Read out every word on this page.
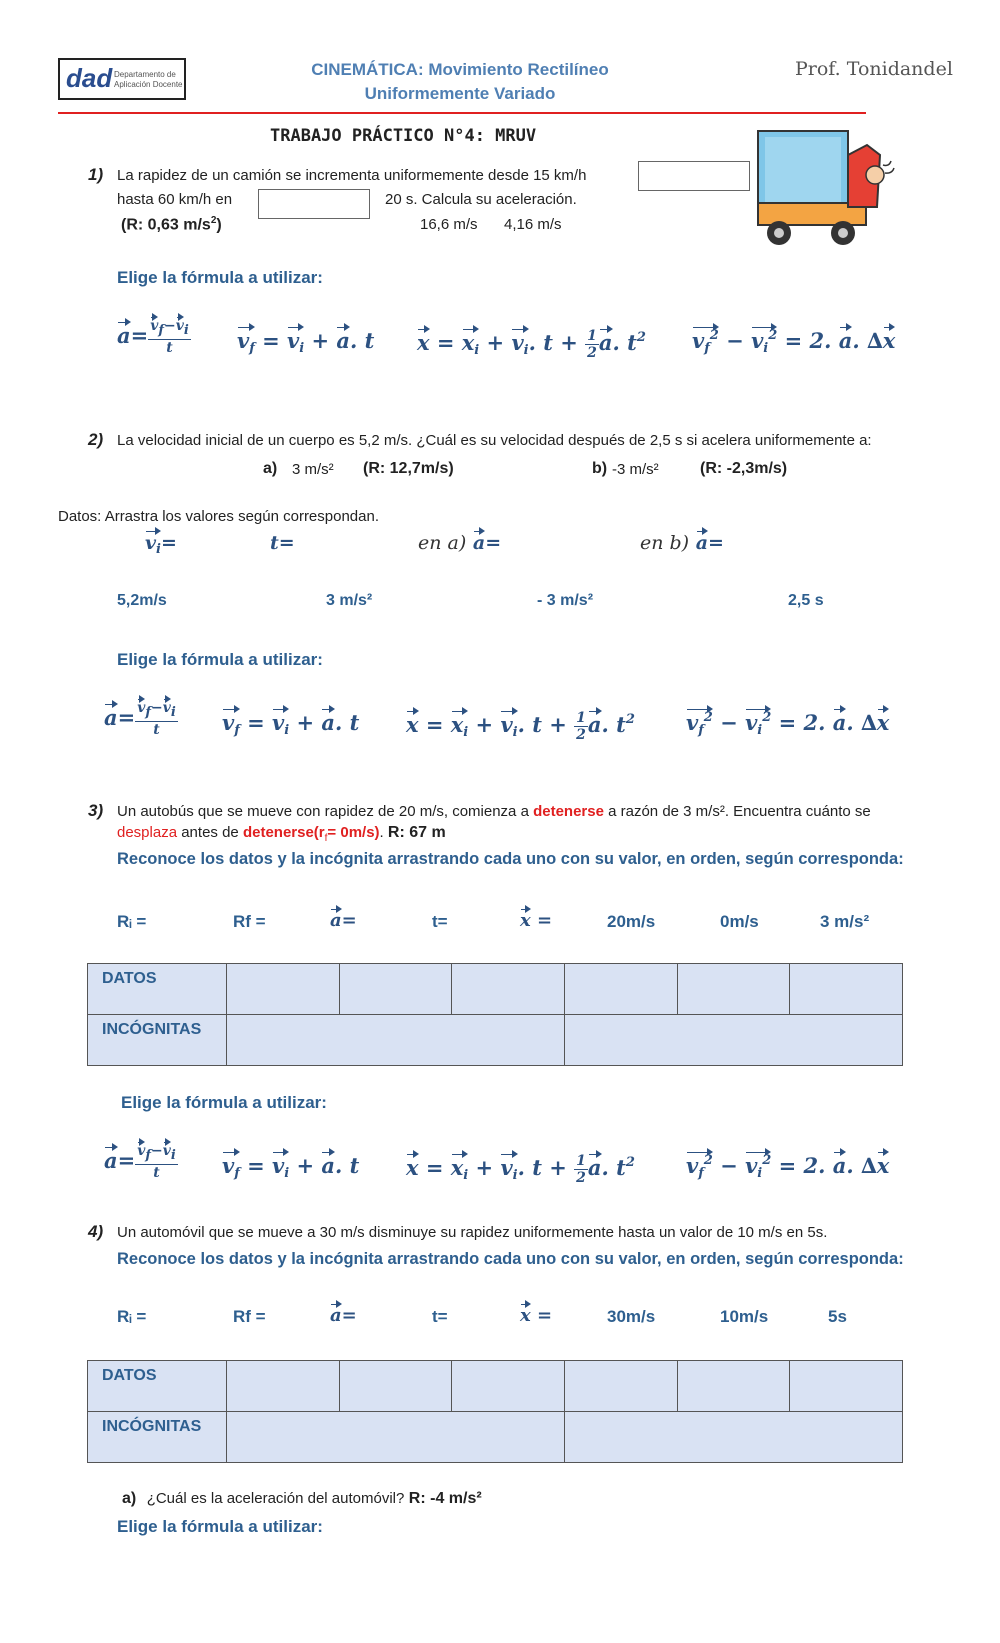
dad Departamento de
Aplicación Docente
CINEMÁTICA: Movimiento Rectilíneo
Uniformemente Variado
Prof. Tonidandel
TRABAJO PRÁCTICO N°4: MRUV
1) La rapidez de un camión se incrementa uniformemente desde 15 km/h
hasta 60 km/h en	20 s. Calcula su aceleración.
(R: 0,63 $m/s^2$)	16,6 m/s 4,16 m/s
Elige la fórmula a utilizar:
$a= \frac{vf-vi}{t} v_f = v_i + a$. t $x = x_i + v_i$. $t + \frac{1}{2} a$. $t^2$ $v_f^2 - v_i^2 = 2$. a. ∆x
2) La velocidad inicial de un cuerpo es 5,2 m/s. ¿Cuál es su velocidad después de 2,5 s si acelera uniformemente a:
a) 3 m/s² (R: 12,7m/s)	b) -3 m/s²	(R: -2,3m/s)
Datos: Arrastra los valores según correspondan.
$v_i=$	t=	en a) a=	en b) a=
5,2m/s	3 m/s²	- 3 m/s²	2,5 s
Elige la fórmula a utilizar:
$a= \frac{vf-vi}{t} v_f = v_i + a$. t $x = x_i + v_i$. $t + \frac{1}{2} a$. $t^2$ $v_f^2 - v_i^2 = 2$. a. ∆x
3) Un autobús que se mueve con rapidez de 20 m/s, comienza a detenerse a razón de 3 m/s². Encuentra cuánto se
desplaza antes de $detenerse(r_f= 0m/s)$. R: 67 m
Reconoce los datos y la incógnita arrastrando cada uno con su valor, en orden, según corresponda:
Rᵢ =	Rf =	a=	t=	x =	20m/s	0m/s	3 m/s²
DATOS						
INCÓGNITAS						
Elige la fórmula a utilizar:
$a= \frac{vf-vi}{t} v_f = v_i + a$. t $x = x_i + v_i$. $t + \frac{1}{2} a$. $t^2$ $v_f^2 - v_i^2 = 2$. a. ∆x
4) Un automóvil que se mueve a 30 m/s disminuye su rapidez uniformemente hasta un valor de 10 m/s en 5s.
Reconoce los datos y la incógnita arrastrando cada uno con su valor, en orden, según corresponda:
Rᵢ =	Rf =	a=	t=	x =	30m/s	10m/s	5s
DATOS						
INCÓGNITAS						
a) ¿Cuál es la aceleración del automóvil? R: -4 m/s²
Elige la fórmula a utilizar:
